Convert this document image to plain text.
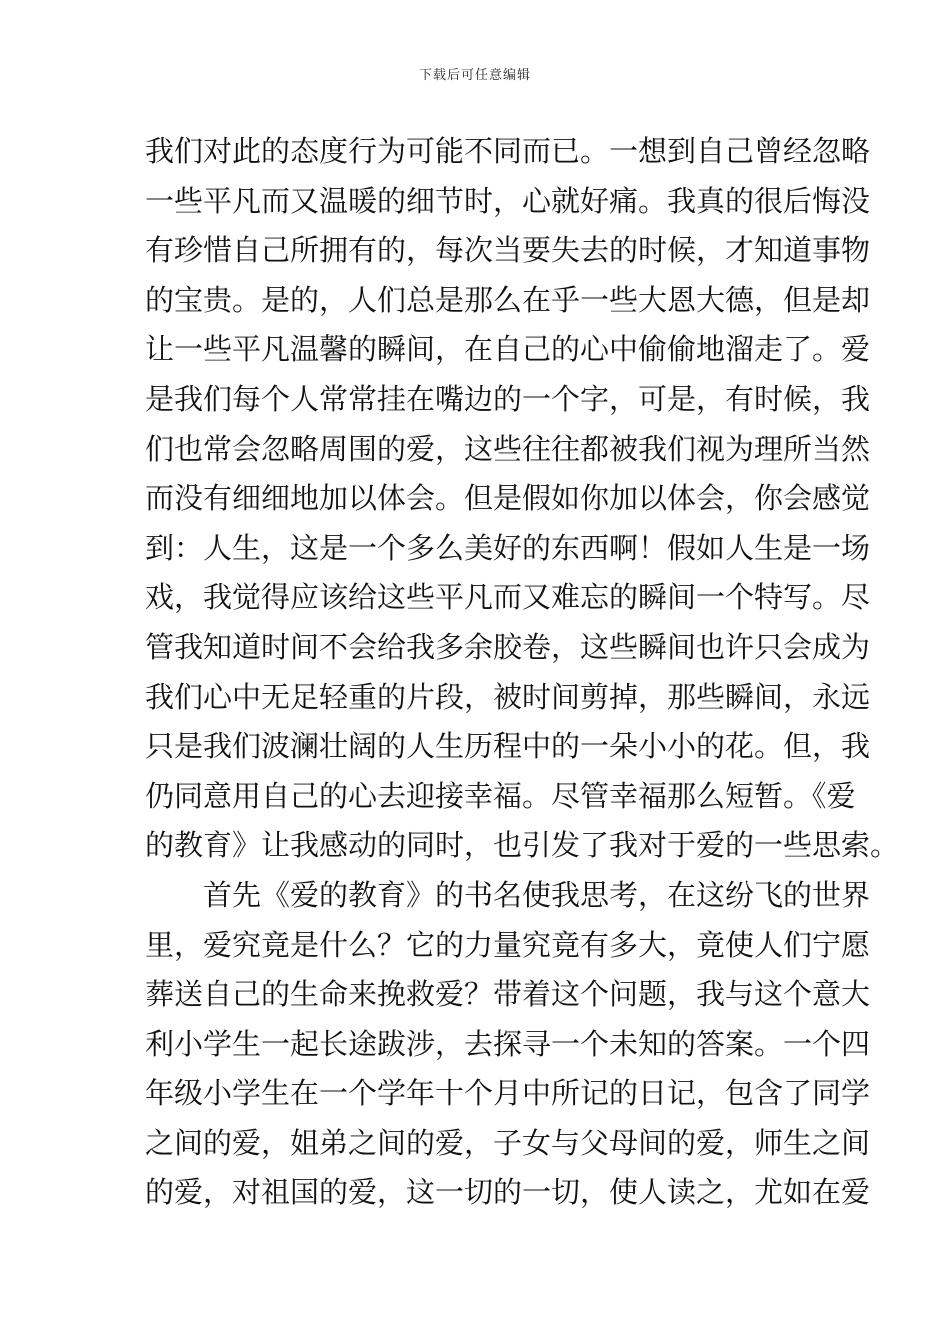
下载后可任意编辑
我们对此的态度行为可能不同而已。一想到自己曾经忽略
一些平凡而又温暖的细节时，心就好痛。我真的很后悔没
有珍惜自己所拥有的，每次当要失去的时候，才知道事物
的宝贵。是的，人们总是那么在乎一些大恩大德，但是却
让一些平凡温馨的瞬间，在自己的心中偷偷地溜走了。爱
是我们每个人常常挂在嘴边的一个字，可是，有时候，我
们也常会忽略周围的爱，这些往往都被我们视为理所当然
而没有细细地加以体会。但是假如你加以体会，你会感觉
到：人生，这是一个多么美好的东西啊！假如人生是一场
戏，我觉得应该给这些平凡而又难忘的瞬间一个特写。尽
管我知道时间不会给我多余胶卷，这些瞬间也许只会成为
我们心中无足轻重的片段，被时间剪掉，那些瞬间，永远
只是我们波澜壮阔的人生历程中的一朵小小的花。但，我
仍同意用自己的心去迎接幸福。尽管幸福那么短暂。《爱
的教育》让我感动的同时，也引发了我对于爱的一些思索。
　　首先《爱的教育》的书名使我思考，在这纷飞的世界
里，爱究竟是什么？它的力量究竟有多大，竟使人们宁愿
葬送自己的生命来挽救爱？带着这个问题，我与这个意大
利小学生一起长途跋涉，去探寻一个未知的答案。一个四
年级小学生在一个学年十个月中所记的日记，包含了同学
之间的爱，姐弟之间的爱，子女与父母间的爱，师生之间
的爱，对祖国的爱，这一切的一切，使人读之，尤如在爱
